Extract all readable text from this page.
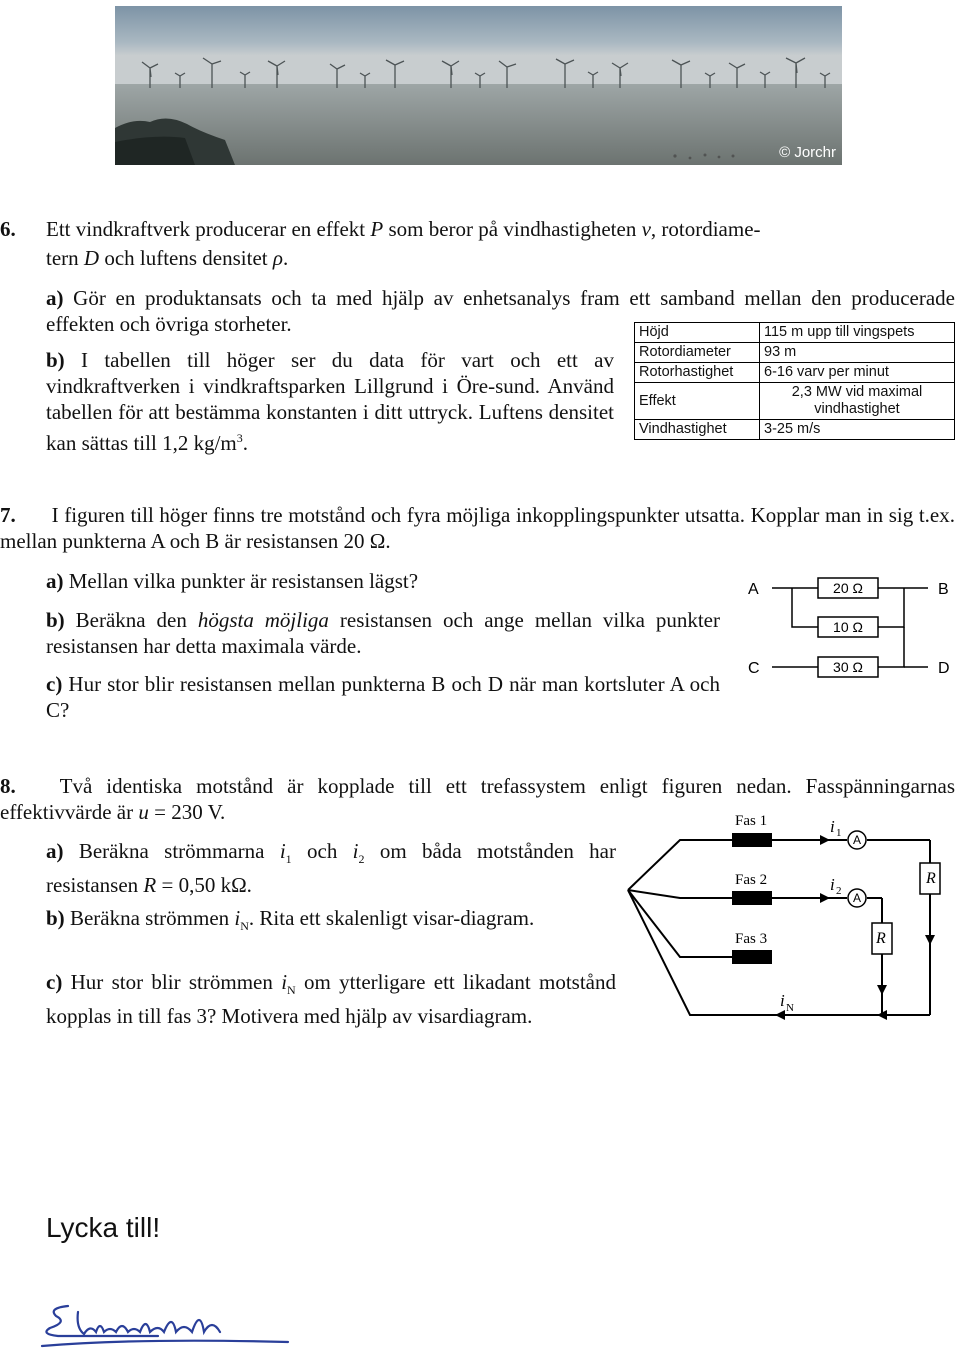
© Jorchr
6. Ett vindkraftverk producerar en effekt P som beror på vindhastigheten v, rotordiame-
tern D och luftens densitet ρ.
a) Gör en produktansats och ta med hjälp av enhetsanalys fram ett samband mellan den producerade effekten och övriga storheter.
b) I tabellen till höger ser du data för vart och ett av vindkraftverken i vindkraftsparken Lillgrund i Öre-sund. Använd tabellen för att bestämma konstanten i ditt uttryck. Luftens densitet kan sättas till 1,2 $kg/m^3$.
Höjd	115 m upp till vingspets
Rotordiameter	93 m
Rotorhastighet	6-16 varv per minut
Effekt	2,3 MW vid maximal vindhastighet
Vindhastighet	3-25 m/s
7. I figuren till höger finns tre motstånd och fyra möjliga inkopplingspunkter utsatta. Kopplar man in sig t.ex. mellan punkterna A och B är resistansen 20 Ω.
a) Mellan vilka punkter är resistansen lägst?
b) Beräkna den högsta möjliga resistansen och ange mellan vilka punkter resistansen har detta maximala värde.
c) Hur stor blir resistansen mellan punkterna B och D när man kortsluter A och C?
A	B
C	D
20 Ω
10 Ω
30 Ω
8. Två identiska motstånd är kopplade till ett trefassystem enligt figuren nedan. Fasspänningarnas effektivvärde är u = 230 V.
a) Beräkna strömmarna $i_1$ och $i_2$ om båda motstånden har resistansen R = 0,50 kΩ.
b) Beräkna strömmen $i_N$. Rita ett skalenligt visar-diagram.
c) Hur stor blir strömmen $i_N$ om ytterligare ett likadant motstånd kopplas in till fas 3? Motivera med hjälp av visardiagram.
Fas 1
Fas 2
Fas 3
i 1
i 2
i N
R
R
A
A
Lycka till!
